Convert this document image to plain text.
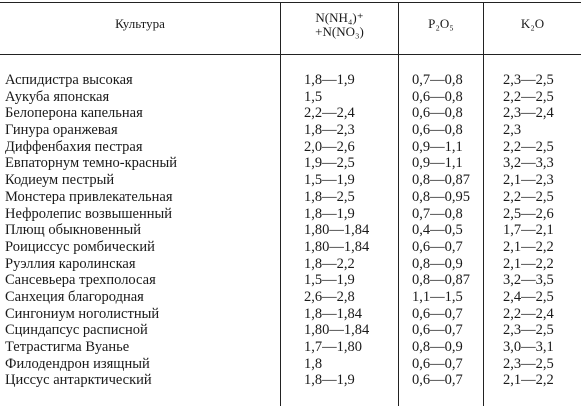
Культура	N(NH₄)⁺
+N(NO₃)
P₂O₅	K₂O
Аспидистра высокая	1,8—1,9	0,7—0,8	2,3—2,5
Аукуба японская	1,5	0,6—0,8	2,2—2,5
Белоперона капельная	2,2—2,4	0,6—0,8	2,3—2,4
Гинура оранжевая	1,8—2,3	0,6—0,8	2,3
Диффенбахия пестрая	2,0—2,6	0,9—1,1	2,2—2,5
Евпаторнум темно-красный	1,9—2,5	0,9—1,1	3,2—3,3
Кодиеум пестрый	1,5—1,9	0,8—0,87 2,1—2,3
Монстера привлекательная	1,8—2,5	0,8—0,95 2,2—2,5
Нефролепис возвышенный	1,8—1,9	0,7—0,8	2,5—2,6
Плющ обыкновенный	1,80—1,84	0,4—0,5	1,7—2,1
Роициссус ромбический	1,80—1,84	0,6—0,7	2,1—2,2
Руэллия каролинская	1,8—2,2	0,8—0,9	2,1—2,2
Сансевьера трехполосая	1,5—1,9	0,8—0,87 3,2—3,5
Санхеция благородная	2,6—2,8	1,1—1,5	2,4—2,5
Сингониум ноголистный	1,8—1,84	0,6—0,7	2,2—2,4
Сциндапсус расписной	1,80—1,84	0,6—0,7	2,3—2,5
Тетрастигма Вуанье	1,7—1,80	0,8—0,9	3,0—3,1
Филодендрон изящный	1,8	0,6—0,7	2,3—2,5
Циссус антарктический	1,8—1,9	0,6—0,7	2,1—2,2
